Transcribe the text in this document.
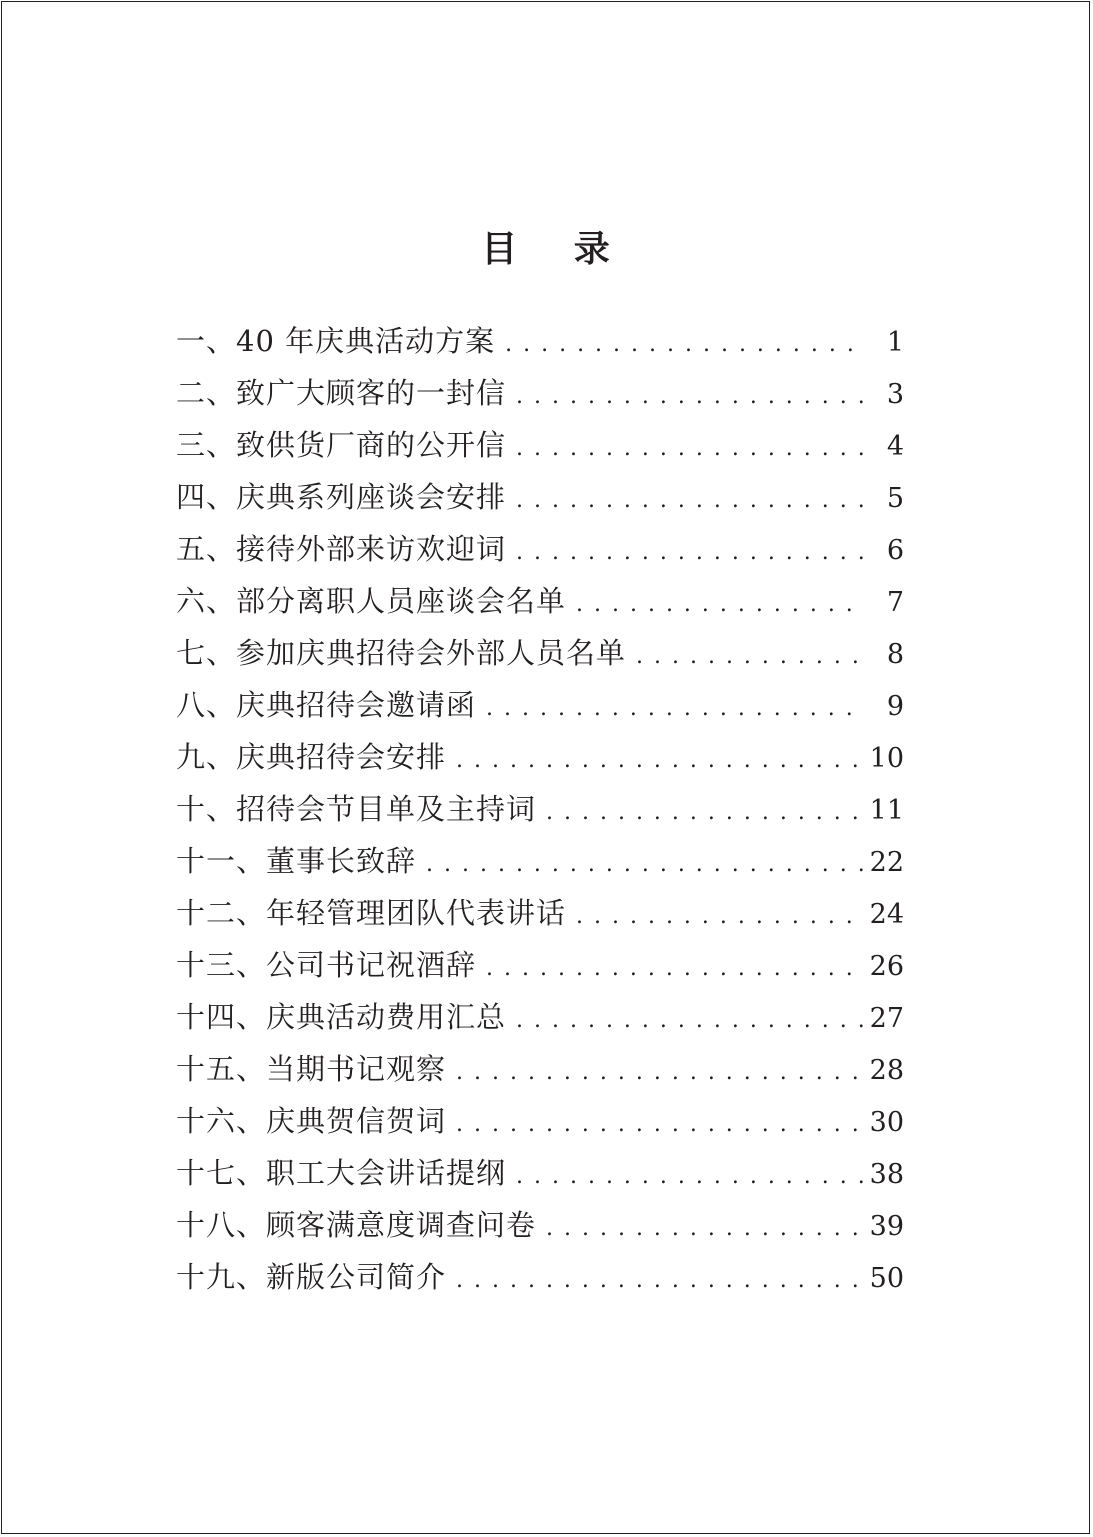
目 录
一、40 年庆典活动方案 . . .	1
二、致广大顾客的一封信 . . .	3
三、致供货厂商的公开信 . . .	4
四、庆典系列座谈会安排 . . .	5
五、接待外部来访欢迎词 . . .	6
六、部分离职人员座谈会名单 . . .	7
七、参加庆典招待会外部人员名单 . . .	8
八、庆典招待会邀请函 . . .	9
九、庆典招待会安排 . . .	10
十、招待会节目单及主持词 . . .	11
十一、董事长致辞 . . .	22
十二、年轻管理团队代表讲话 . . .	24
十三、公司书记祝酒辞 . . .	26
十四、庆典活动费用汇总 . . .	27
十五、当期书记观察 . . .	28
十六、庆典贺信贺词 . . .	30
十七、职工大会讲话提纲 . . .	38
十八、顾客满意度调查问卷 . . .	39
十九、新版公司简介 . . .	50
